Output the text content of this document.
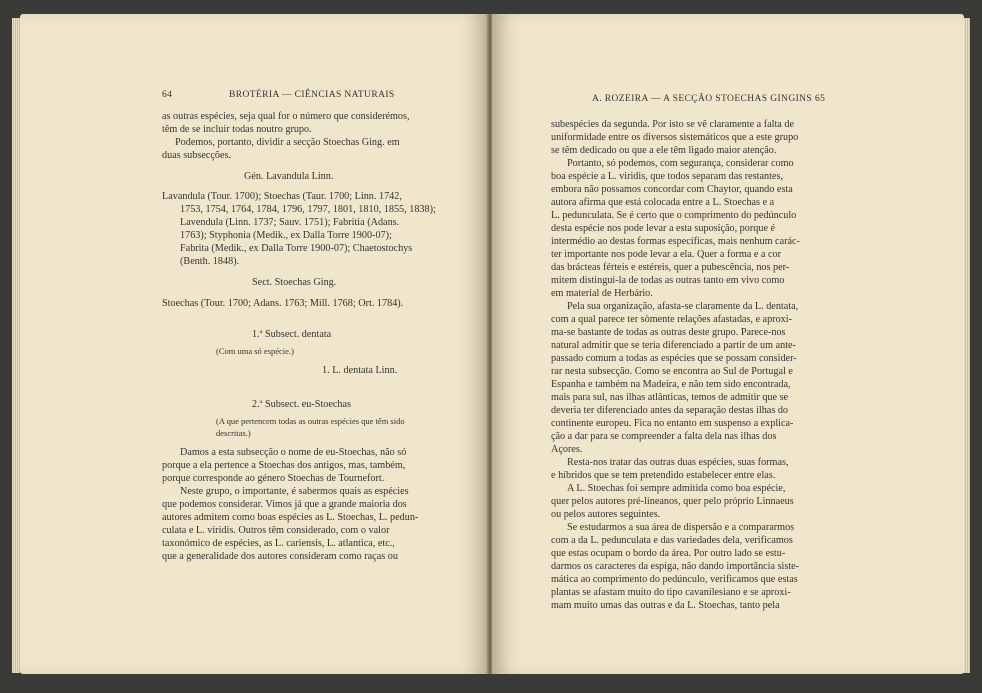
64	BROTÉRIA — CIÊNCIAS NATURAIS
as outras espécies, seja qual for o número que considerémos,
têm de se incluir todas noutro grupo.
Podemos, portanto, dividir a secção Stoechas Ging. em
duas subsecções.
Gén. Lavandula Linn.
Lavandula (Tour. 1700); Stoechas (Taur. 1700; Linn. 1742,
1753, 1754, 1764, 1784, 1796, 1797, 1801, 1810, 1855, 1838);
Lavendula (Linn. 1737; Sauv. 1751); Fabritia (Adans.
1763); Styphonia (Medik., ex Dalla Torre 1900-07);
Fabrita (Medik., ex Dalla Torre 1900-07); Chaetostochys
(Benth. 1848).
Sect. Stoechas Ging.
Stoechas (Tour. 1700; Adans. 1763; Mill. 1768; Ort. 1784).
1.ª Subsect. dentata
(Com uma só espécie.)
1. L. dentata Linn.
2.ª Subsect. eu-Stoechas
(A que pertencem todas as outras espécies que têm sido
descritas.)
Damos a esta subsecção o nome de eu-Stoechas, não só
porque a ela pertence a Stoechas dos antigos, mas, também,
porque corresponde ao género Stoechas de Tournefort.
Neste grupo, o importante, é sabermos quais as espécies
que podemos considerar. Vimos já que a grande maioria dos
autores admitem como boas espécies as L. Stoechas, L. pedun-
culata e L. viridis. Outros têm considerado, com o valor
taxonómico de espécies, as L. cariensis, L. atlantica, etc.,
que a generalidade dos autores consideram como raças ou
A. ROZEIRA — A SECÇÃO STOECHAS GINGINS 65
subespécies da segunda. Por isto se vê claramente a falta de
uniformidade entre os diversos sistemáticos que a este grupo
se têm dedicado ou que a ele têm ligado maior atenção.
Portanto, só podemos, com segurança, considerar como
boa espécie a L. viridis, que todos separam das restantes,
embora não possamos concordar com Chaytor, quando esta
autora afirma que está colocada entre a L. Stoechas e a
L. pedunculata. Se é certo que o comprimento do pedúnculo
desta espécie nos pode levar a esta suposição, porque é
intermédio ao destas formas específicas, mais nenhum carác-
ter importante nos pode levar a ela. Quer a forma e a cor
das brácteas férteis e estéreis, quer a pubescência, nos per-
mitem distingui-la de todas as outras tanto em vivo como
em material de Herbário.
Pela sua organização, afasta-se claramente da L. dentata,
com a qual parece ter sòmente relações afastadas, e aproxi-
ma-se bastante de todas as outras deste grupo. Parece-nos
natural admitir que se teria diferenciado a partir de um ante-
passado comum a todas as espécies que se possam consider-
rar nesta subsecção. Como se encontra ao Sul de Portugal e
Espanha e também na Madeira, e não tem sido encontrada,
mais para sul, nas ilhas atlânticas, temos de admitir que se
deveria ter diferenciado antes da separação destas ilhas do
continente europeu. Fica no entanto em suspenso a explica-
ção a dar para se compreender a falta dela nas ilhas dos
Açores.
Resta-nos tratar das outras duas espécies, suas formas,
e híbridos que se tem pretendido estabelecer entre elas.
A L. Stoechas foi sempre admitida como boa espécie,
quer pelos autores pré-lineanos, quer pelo próprio Linnaeus
ou pelos autores seguintes.
Se estudarmos a sua área de dispersão e a compararmos
com a da L. pedunculata e das variedades dela, verificamos
que estas ocupam o bordo da área. Por outro lado se estu-
darmos os caracteres da espiga, não dando importância siste-
mática ao comprimento do pedúnculo, verificamos que estas
plantas se afastam muito do tipo cavanilesiano e se aproxi-
mam muito umas das outras e da L. Stoechas, tanto pela
